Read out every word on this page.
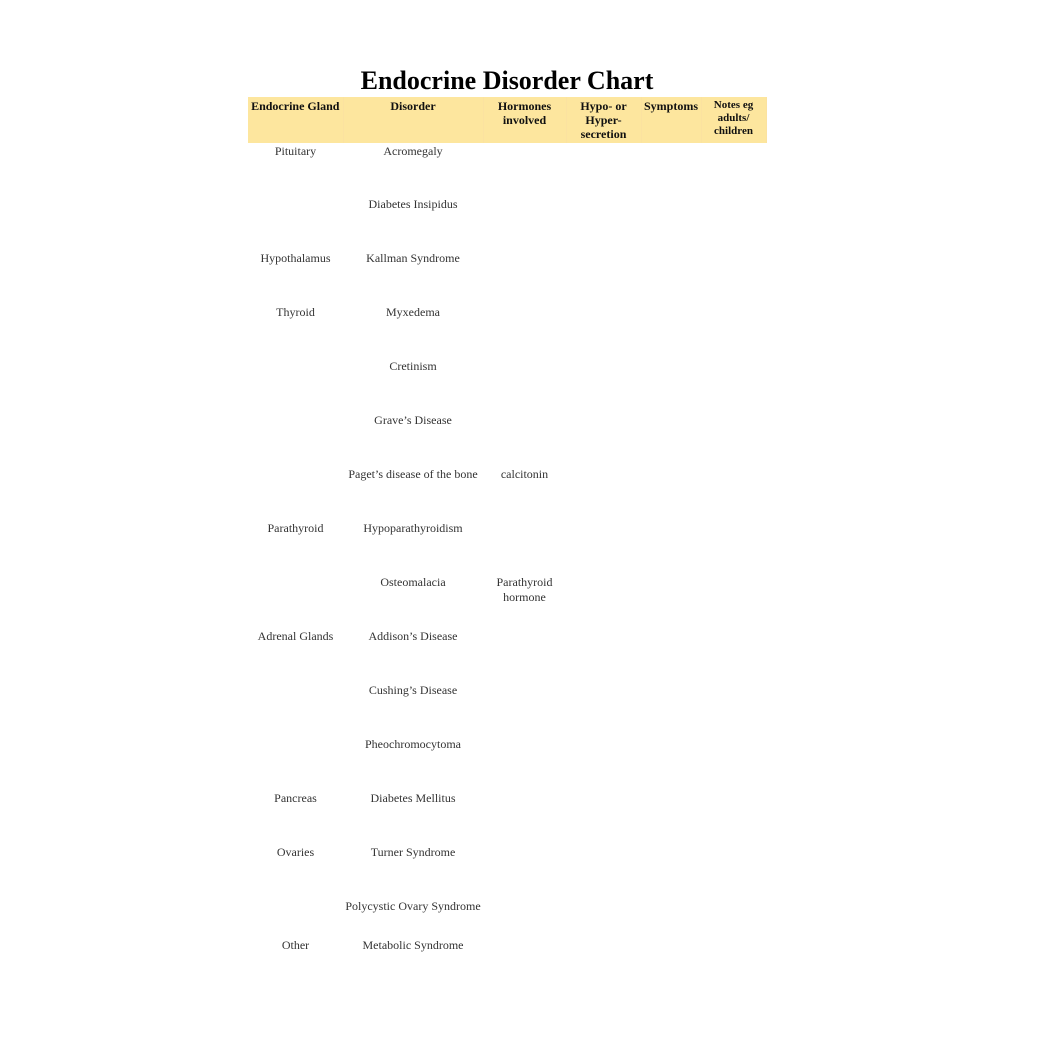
Endocrine Disorder Chart
Endocrine Gland	Disorder	Hormones involved	Hypo- or Hyper-secretion	Symptoms	Notes eg adults/ children
Pituitary	Acromegaly				
	Diabetes Insipidus				
Hypothalamus	Kallman Syndrome				
Thyroid	Myxedema				
	Cretinism				
	Grave’s Disease				
	Paget’s disease of the bone	calcitonin			
Parathyroid	Hypoparathyroidism				
	Osteomalacia	Parathyroid hormone			
Adrenal Glands	Addison’s Disease				
	Cushing’s Disease				
	Pheochromocytoma				
Pancreas	Diabetes Mellitus				
Ovaries	Turner Syndrome				
	Polycystic Ovary Syndrome				
Other	Metabolic Syndrome				
